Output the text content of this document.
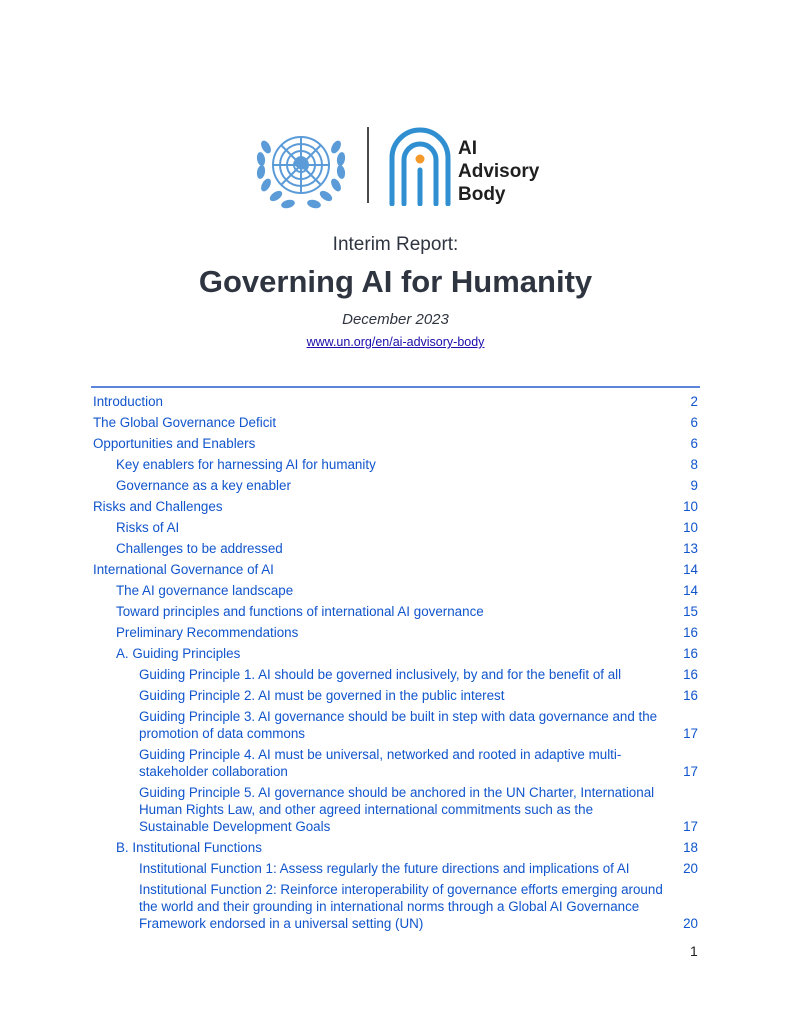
AI
Advisory
Body
Interim Report:
Governing AI for Humanity
December 2023
www.un.org/en/ai-advisory-body
Introduction	2
The Global Governance Deficit	6
Opportunities and Enablers	6
Key enablers for harnessing AI for humanity	8
Governance as a key enabler	9
Risks and Challenges	10
Risks of AI	10
Challenges to be addressed	13
International Governance of AI	14
The AI governance landscape	14
Toward principles and functions of international AI governance	15
Preliminary Recommendations	16
A. Guiding Principles	16
Guiding Principle 1. AI should be governed inclusively, by and for the benefit of all	16
Guiding Principle 2. AI must be governed in the public interest	16
Guiding Principle 3. AI governance should be built in step with data governance and the promotion of data commons	17
Guiding Principle 4. AI must be universal, networked and rooted in adaptive multi-stakeholder collaboration	17
Guiding Principle 5. AI governance should be anchored in the UN Charter, International Human Rights Law, and other agreed international commitments such as the Sustainable Development Goals	17
B. Institutional Functions	18
Institutional Function 1: Assess regularly the future directions and implications of AI	20
Institutional Function 2: Reinforce interoperability of governance efforts emerging around the world and their grounding in international norms through a Global AI Governance Framework endorsed in a universal setting (UN)	20
1
